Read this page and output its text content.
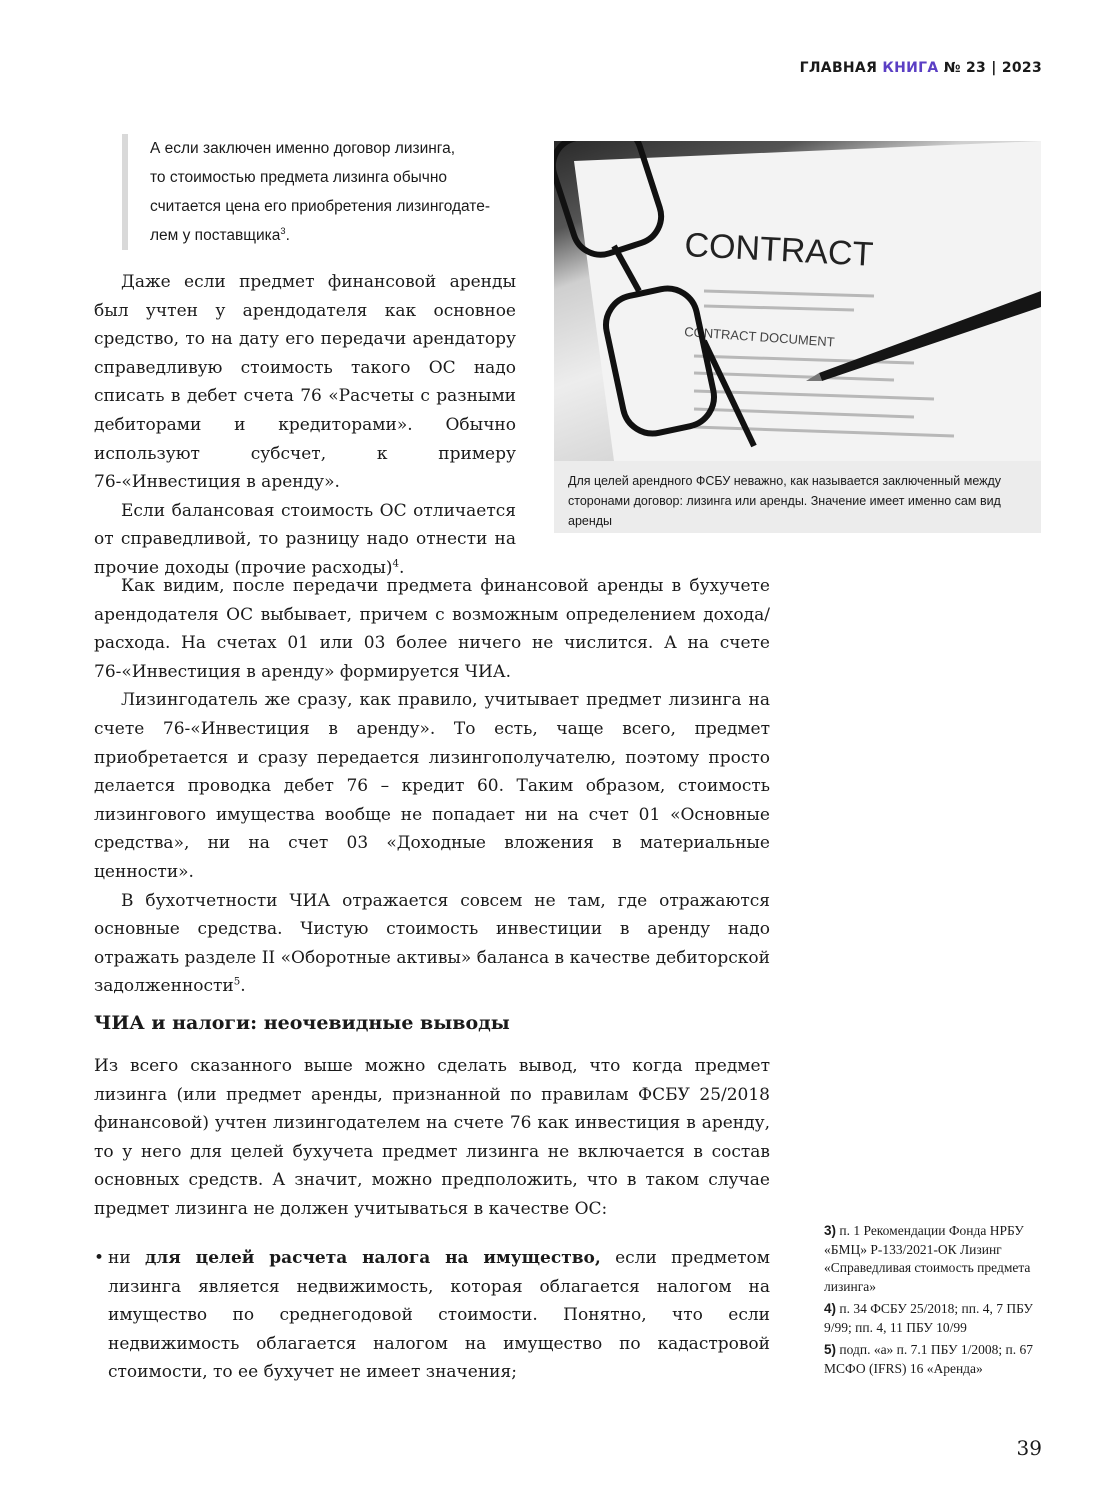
ГЛАВНАЯ КНИГА № 23 | 2023
А если заключен именно договор лизинга,
то стоимостью предмета лизинга обычно
считается цена его приобретения лизингодате-
лем у поставщика$^3$.	CONTRACT
CONTRACT DOCUMENT
Для целей арендного ФСБУ неважно, как называется заключенный между сторонами договор: лизинга или аренды. Значение имеет именно сам вид аренды

Даже если предмет финансовой аренды был учтен у арендодателя как основное средство, то на дату его передачи арендатору справедливую стоимость такого ОС надо списать в дебет счета 76 «Расчеты с разными дебиторами и кредиторами». Обычно используют субсчет, к примеру 76-«Инвестиция в аренду».

Если балансовая стоимость ОС отличается от справедливой, то разницу надо отнести на прочие доходы (прочие расходы)$^4$.

Как видим, после передачи предмета финансовой аренды в бухучете арендодателя ОС выбывает, причем с возможным определением дохода/расхода. На счетах 01 или 03 более ничего не числится. А на счете 76-«Инвестиция в аренду» формируется ЧИА.

Лизингодатель же сразу, как правило, учитывает предмет лизинга на счете 76-«Инвестиция в аренду». То есть, чаще всего, предмет приобретается и сразу передается лизингополучателю, поэтому просто делается проводка дебет 76 – кредит 60. Таким образом, стоимость лизингового имущества вообще не попадает ни на счет 01 «Основные средства», ни на счет 03 «Доходные вложения в материальные ценности».

В бухотчетности ЧИА отражается совсем не там, где отражаются основные средства. Чистую стоимость инвестиции в аренду надо отражать разделе II «Оборотные активы» баланса в качестве дебиторской задолженности$^5$.

ЧИА и налоги: неочевидные выводы

Из всего сказанного выше можно сделать вывод, что когда предмет лизинга (или предмет аренды, признанной по правилам ФСБУ 25/2018 финансовой) учтен лизингодателем на счете 76 как инвестиция в аренду, то у него для целей бухучета предмет лизинга не включается в состав основных средств. А значит, можно предположить, что в таком случае предмет лизинга не должен учитываться в качестве ОС:

• ни для целей расчета налога на имущество, если предметом лизинга является недвижимость, которая облагается налогом на имущество по среднегодовой стоимости. Понятно, что если недвижимость облагается налогом на имущество по кадастровой стоимости, то ее бухучет не имеет значения;
3) п. 1 Рекомендации Фонда НРБУ «БМЦ» Р-133/2021-ОК Лизинг «Справедливая стоимость предмета лизинга»
4) п. 34 ФСБУ 25/2018; пп. 4, 7 ПБУ 9/99; пп. 4, 11 ПБУ 10/99
5) подп. «а» п. 7.1 ПБУ 1/2008; п. 67 МСФО (IFRS) 16 «Аренда»
39
